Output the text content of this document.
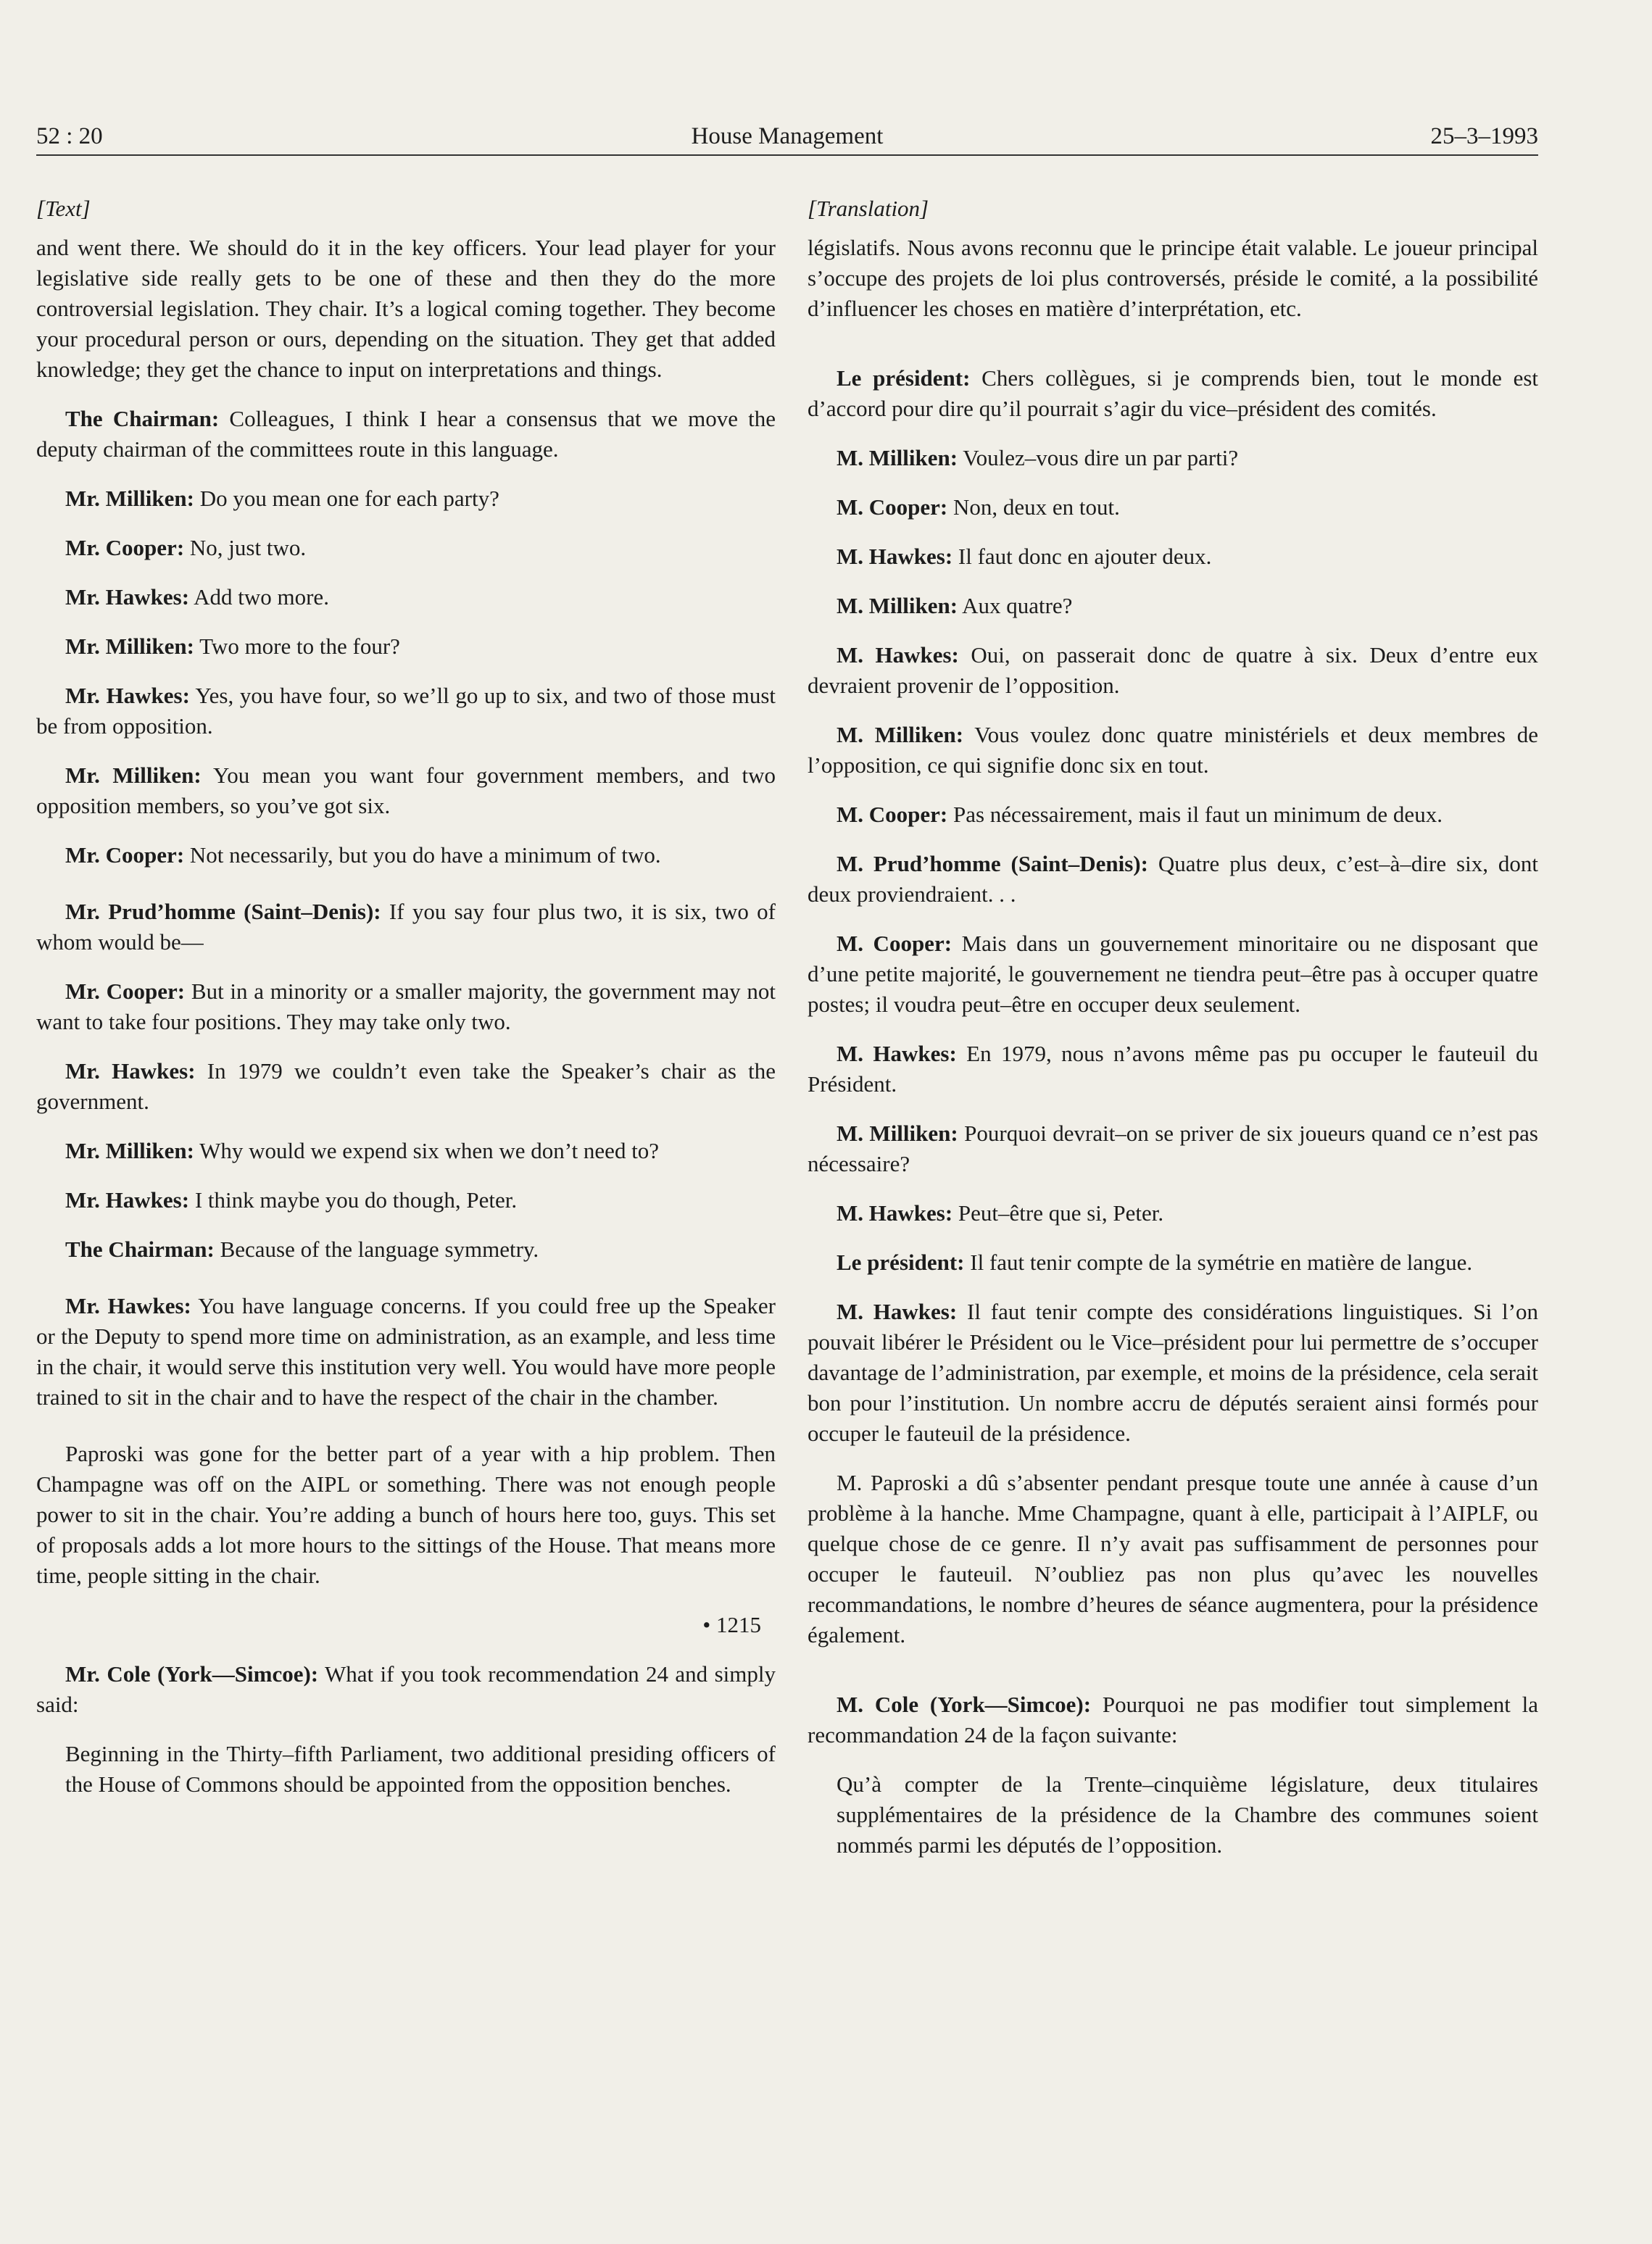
52 : 20	House Management	25–3–1993

[Text]

and went there. We should do it in the key officers. Your lead player for your legislative side really gets to be one of these and then they do the more controversial legislation. They chair. It’s a logical coming together. They become your procedural person or ours, depending on the situation. They get that added knowledge; they get the chance to input on interpretations and things.

The Chairman: Colleagues, I think I hear a consensus that we move the deputy chairman of the committees route in this language.

Mr. Milliken: Do you mean one for each party?

Mr. Cooper: No, just two.

Mr. Hawkes: Add two more.

Mr. Milliken: Two more to the four?

Mr. Hawkes: Yes, you have four, so we’ll go up to six, and two of those must be from opposition.

Mr. Milliken: You mean you want four government members, and two opposition members, so you’ve got six.

Mr. Cooper: Not necessarily, but you do have a minimum of two.

Mr. Prud’homme (Saint–Denis): If you say four plus two, it is six, two of whom would be—

Mr. Cooper: But in a minority or a smaller majority, the government may not want to take four positions. They may take only two.

Mr. Hawkes: In 1979 we couldn’t even take the Speaker’s chair as the government.

Mr. Milliken: Why would we expend six when we don’t need to?

Mr. Hawkes: I think maybe you do though, Peter.

The Chairman: Because of the language symmetry.

Mr. Hawkes: You have language concerns. If you could free up the Speaker or the Deputy to spend more time on administration, as an example, and less time in the chair, it would serve this institution very well. You would have more people trained to sit in the chair and to have the respect of the chair in the chamber.

Paproski was gone for the better part of a year with a hip problem. Then Champagne was off on the AIPL or something. There was not enough people power to sit in the chair. You’re adding a bunch of hours here too, guys. This set of proposals adds a lot more hours to the sittings of the House. That means more time, people sitting in the chair.

• 1215

Mr. Cole (York—Simcoe): What if you took recommendation 24 and simply said:

Beginning in the Thirty–fifth Parliament, two additional presiding officers of the House of Commons should be appointed from the opposition benches.

[Translation]

législatifs. Nous avons reconnu que le principe était valable. Le joueur principal s’occupe des projets de loi plus controversés, préside le comité, a la possibilité d’influencer les choses en matière d’interprétation, etc.

Le président: Chers collègues, si je comprends bien, tout le monde est d’accord pour dire qu’il pourrait s’agir du vice–président des comités.

M. Milliken: Voulez–vous dire un par parti?

M. Cooper: Non, deux en tout.

M. Hawkes: Il faut donc en ajouter deux.

M. Milliken: Aux quatre?

M. Hawkes: Oui, on passerait donc de quatre à six. Deux d’entre eux devraient provenir de l’opposition.

M. Milliken: Vous voulez donc quatre ministériels et deux membres de l’opposition, ce qui signifie donc six en tout.

M. Cooper: Pas nécessairement, mais il faut un minimum de deux.

M. Prud’homme (Saint–Denis): Quatre plus deux, c’est–à–dire six, dont deux proviendraient. . .

M. Cooper: Mais dans un gouvernement minoritaire ou ne disposant que d’une petite majorité, le gouvernement ne tiendra peut–être pas à occuper quatre postes; il voudra peut–être en occuper deux seulement.

M. Hawkes: En 1979, nous n’avons même pas pu occuper le fauteuil du Président.

M. Milliken: Pourquoi devrait–on se priver de six joueurs quand ce n’est pas nécessaire?

M. Hawkes: Peut–être que si, Peter.

Le président: Il faut tenir compte de la symétrie en matière de langue.

M. Hawkes: Il faut tenir compte des considérations linguistiques. Si l’on pouvait libérer le Président ou le Vice–président pour lui permettre de s’occuper davantage de l’administration, par exemple, et moins de la présidence, cela serait bon pour l’institution. Un nombre accru de députés seraient ainsi formés pour occuper le fauteuil de la présidence.

M. Paproski a dû s’absenter pendant presque toute une année à cause d’un problème à la hanche. Mme Champagne, quant à elle, participait à l’AIPLF, ou quelque chose de ce genre. Il n’y avait pas suffisamment de personnes pour occuper le fauteuil. N’oubliez pas non plus qu’avec les nouvelles recommandations, le nombre d’heures de séance augmentera, pour la présidence également.

M. Cole (York—Simcoe): Pourquoi ne pas modifier tout simplement la recommandation 24 de la façon suivante:

Qu’à compter de la Trente–cinquième législature, deux titulaires supplémentaires de la présidence de la Chambre des communes soient nommés parmi les députés de l’opposition.
